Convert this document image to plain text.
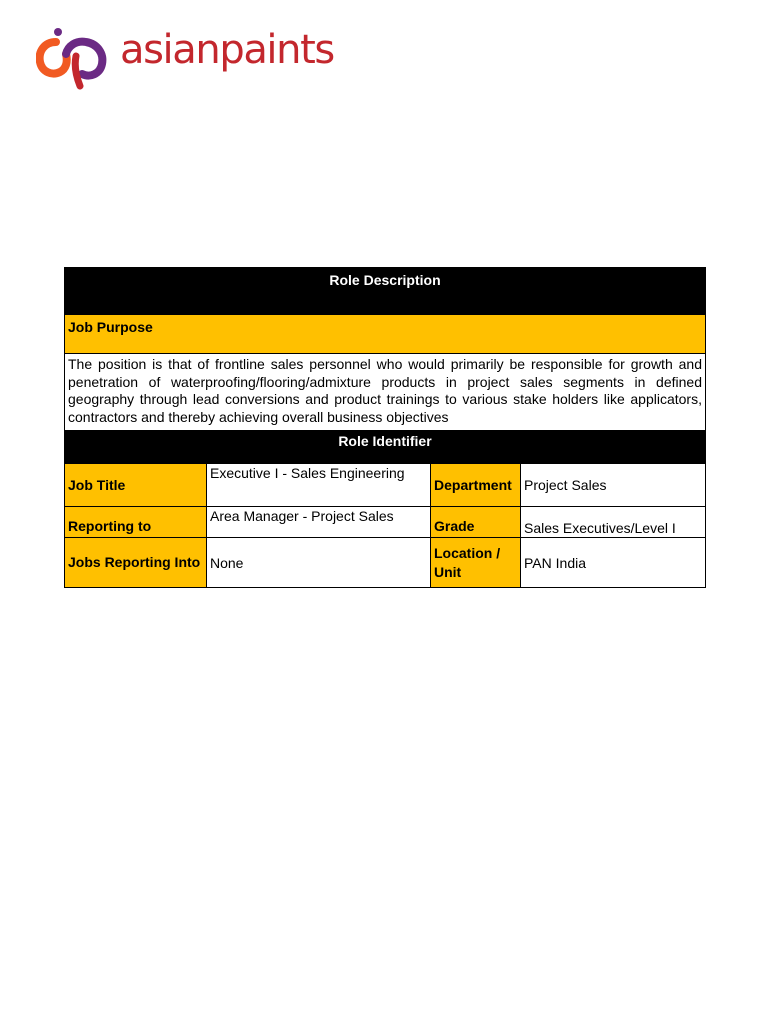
asianpaints
Role Description			
Job Purpose			
The position is that of frontline sales personnel who would primarily be responsible for growth and penetration of waterproofing/flooring/admixture products in project sales segments in defined geography through lead conversions and product trainings to various stake holders like applicators, contractors and thereby achieving overall business objectives			
Role Identifier			
Job Title	Executive I - Sales Engineering	Department	Project Sales
Reporting to	Area Manager - Project Sales	Grade	Sales Executives/Level I
Jobs Reporting Into	None	Location / Unit	PAN India
